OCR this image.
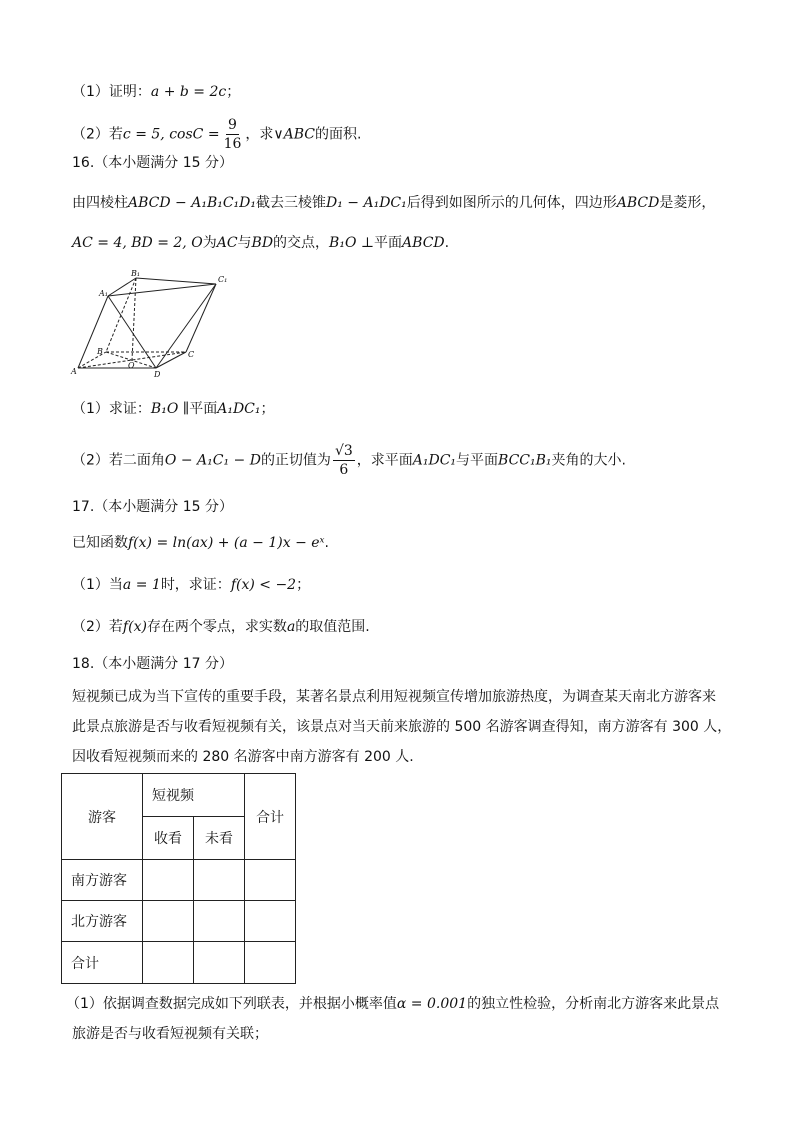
（1）证明：a + b = 2c；
（2）若c = 5, $\cos C = \frac{9}{16}$ ，求∨ABC的面积.
16.（本小题满分 15 分）
由四棱柱ABCD − A₁B₁C₁D₁截去三棱锥D₁ − A₁DC₁后得到如图所示的几何体，四边形ABCD是菱形，
AC = 4, BD = 2, O为AC与BD的交点，B₁O ⊥平面ABCD.
B₁
C₁
A₁
B	C
O
A	D
（1）求证：B₁O ∥平面A₁DC₁；
（2）若二面角O − A₁C₁ − D的正切值为 $\frac{√3}{6}$ ，求平面A₁DC₁与平面BCC₁B₁夹角的大小.
17.（本小题满分 15 分）
已知函数f(x) = ln(ax) + (a − 1)x − eˣ.
（1）当a = 1时，求证：f(x) < −2；
（2）若f(x)存在两个零点，求实数a的取值范围.
18.（本小题满分 17 分）
短视频已成为当下宣传的重要手段，某著名景点利用短视频宣传增加旅游热度，为调查某天南北方游客来
此景点旅游是否与收看短视频有关，该景点对当天前来旅游的 500 名游客调查得知，南方游客有 300 人，
因收看短视频而来的 280 名游客中南方游客有 200 人.
游客	短视频		合计
	收看	未看	
南方游客			
北方游客			
合计			
（1）依据调查数据完成如下列联表，并根据小概率值α = 0.001的独立性检验，分析南北方游客来此景点
旅游是否与收看短视频有关联；
